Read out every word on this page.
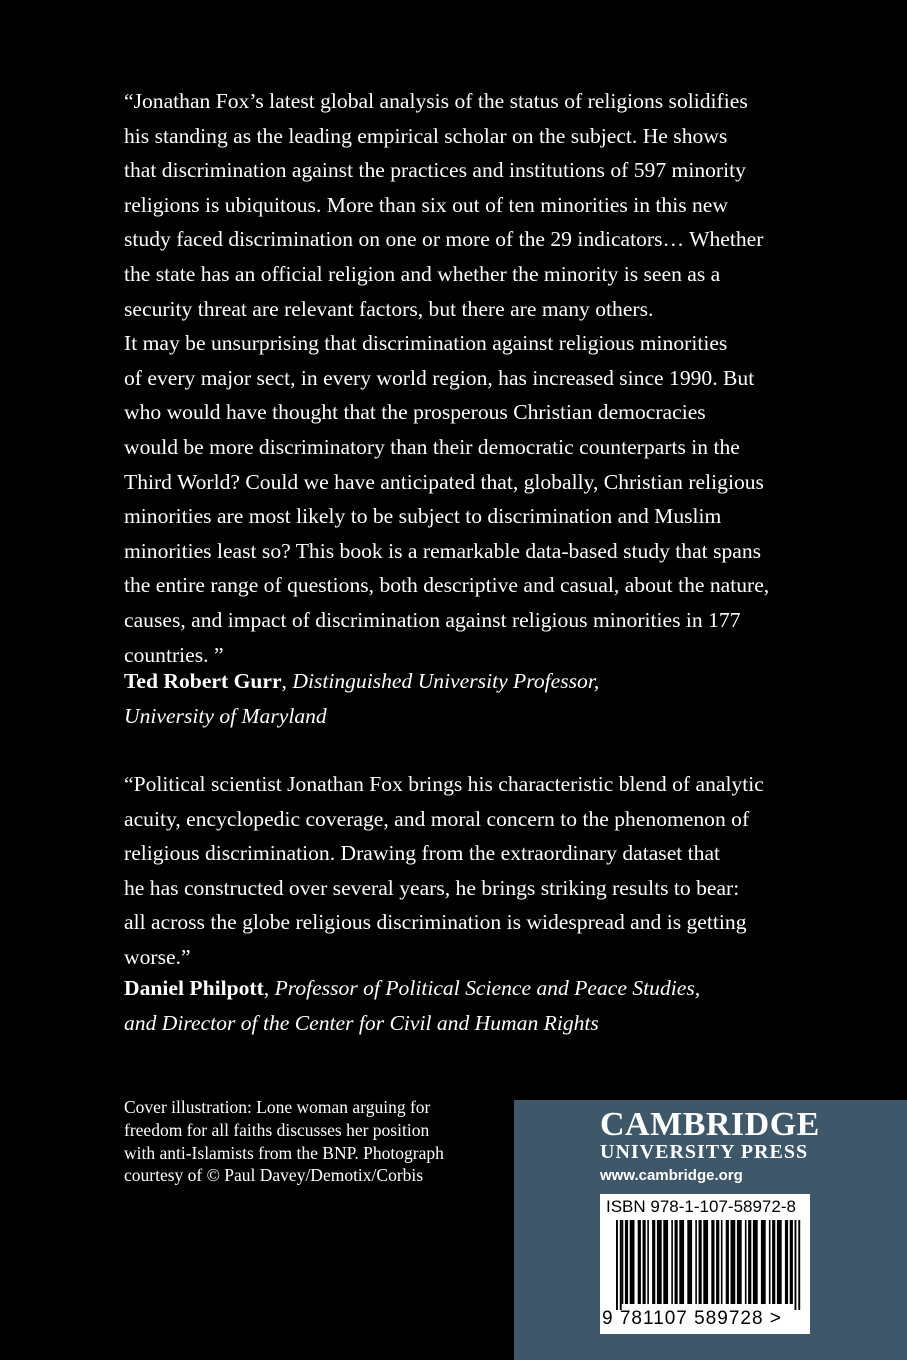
“Jonathan Fox’s latest global analysis of the status of religions solidifies
his standing as the leading empirical scholar on the subject. He shows
that discrimination against the practices and institutions of 597 minority
religions is ubiquitous. More than six out of ten minorities in this new
study faced discrimination on one or more of the 29 indicators… Whether
the state has an official religion and whether the minority is seen as a
security threat are relevant factors, but there are many others.
It may be unsurprising that discrimination against religious minorities
of every major sect, in every world region, has increased since 1990. But
who would have thought that the prosperous Christian democracies
would be more discriminatory than their democratic counterparts in the
Third World? Could we have anticipated that, globally, Christian religious
minorities are most likely to be subject to discrimination and Muslim
minorities least so? This book is a remarkable data-based study that spans
the entire range of questions, both descriptive and casual, about the nature,
causes, and impact of discrimination against religious minorities in 177
countries. ”

Ted Robert Gurr, Distinguished University Professor,
University of Maryland

“Political scientist Jonathan Fox brings his characteristic blend of analytic
acuity, encyclopedic coverage, and moral concern to the phenomenon of
religious discrimination. Drawing from the extraordinary dataset that
he has constructed over several years, he brings striking results to bear:
all across the globe religious discrimination is widespread and is getting
worse.”

Daniel Philpott, Professor of Political Science and Peace Studies,
and Director of the Center for Civil and Human Rights
Cover illustration: Lone woman arguing for
freedom for all faiths discusses her position
with anti-Islamists from the BNP. Photograph
courtesy of © Paul Davey/Demotix/Corbis
CAMBRIDGE
UNIVERSITY PRESS
www.cambridge.org
ISBN 978-1-107-58972-8
9 781107 589728 >
